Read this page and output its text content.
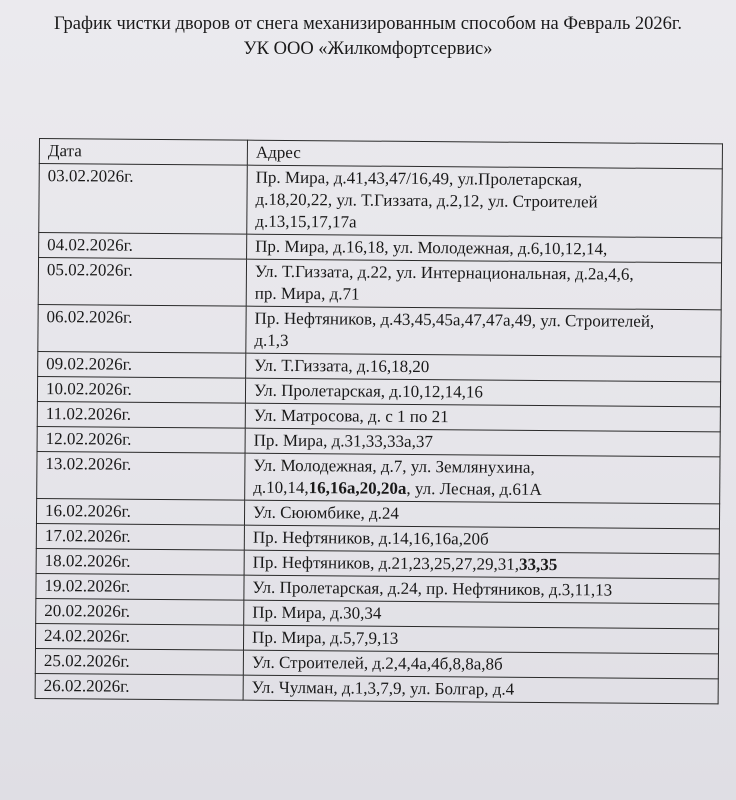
График чистки дворов от снега механизированным способом на Февраль 2026г.
УК ООО «Жилкомфортсервис»
Дата	Адрес
03.02.2026г.	Пр. Мира, д.41,43,47/16,49, ул.Пролетарская,
д.18,20,22, ул. Т.Гиззата, д.2,12, ул. Строителей
д.13,15,17,17а

04.02.2026г.	Пр. Мира, д.16,18, ул. Молодежная, д.6,10,12,14,

05.02.2026г.	Ул. Т.Гиззата, д.22, ул. Интернациональная, д.2а,4,6,
пр. Мира, д.71

06.02.2026г.	Пр. Нефтяников, д.43,45,45а,47,47а,49, ул. Строителей,
д.1,3

09.02.2026г.	Ул. Т.Гиззата, д.16,18,20

10.02.2026г.	Ул. Пролетарская, д.10,12,14,16

11.02.2026г.	Ул. Матросова, д. с 1 по 21

12.02.2026г.	Пр. Мира, д.31,33,33а,37

13.02.2026г.	Ул. Молодежная, д.7, ул. Землянухина,
д.10,14,16,16а,20,20а, ул. Лесная, д.61А

16.02.2026г.	Ул. Сююмбике, д.24

17.02.2026г.	Пр. Нефтяников, д.14,16,16а,20б

18.02.2026г.	Пр. Нефтяников, д.21,23,25,27,29,31,33,35

19.02.2026г.	Ул. Пролетарская, д.24, пр. Нефтяников, д.3,11,13

20.02.2026г.	Пр. Мира, д.30,34

24.02.2026г.	Пр. Мира, д.5,7,9,13

25.02.2026г.	Ул. Строителей, д.2,4,4а,4б,8,8а,8б

26.02.2026г.	Ул. Чулман, д.1,3,7,9, ул. Болгар, д.4
